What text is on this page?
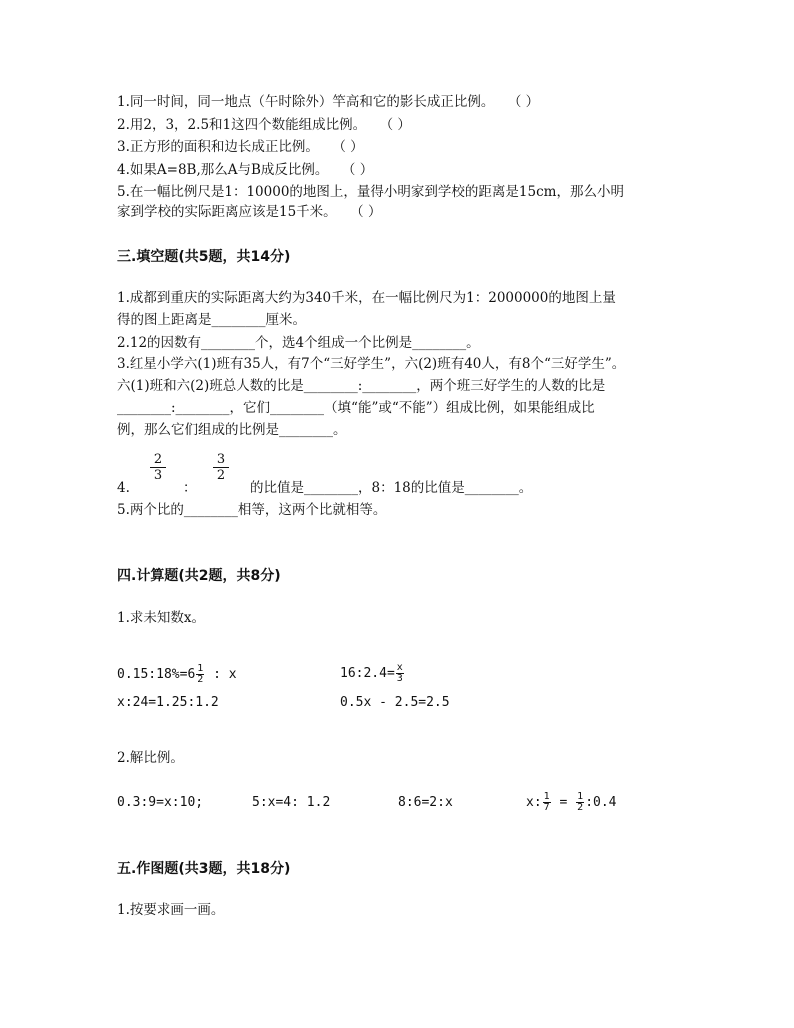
1.同一时间，同一地点（午时除外）竿高和它的影长成正比例。　　（ ）
2.用2，3，2.5和1这四个数能组成比例。　　（ ）
3.正方形的面积和边长成正比例。　　（ ）
4.如果A=8B,那么A与B成反比例。　　（ ）
5.在一幅比例尺是1：10000的地图上，量得小明家到学校的距离是15cm，那么小明
家到学校的实际距离应该是15千米。　　（ ）
三.填空题(共5题，共14分)
1.成都到重庆的实际距离大约为340千米，在一幅比例尺为1：2000000的地图上量
得的图上距离是________厘米。
2.12的因数有________个，选4个组成一个比例是________。
3.红星小学六(1)班有35人，有7个“三好学生”，六(2)班有40人，有8个“三好学生”。
六(1)班和六(2)班总人数的比是________:________，两个班三好学生的人数的比是
________:________，它们________（填“能”或“不能”）组成比例，如果能组成比
例，那么它们组成的比例是________。
$\frac{2}{3}$	$\frac{3}{2}$
4.	：	的比值是________，8：18的比值是________。
5.两个比的________相等，这两个比就相等。
四.计算题(共2题，共8分)
1.求未知数x。
0.15:18%=6 $\frac{1}{2}$ : x	16:2.4= $\frac{x}{3}$
x:24=1.25:1.2	0.5x - 2.5=2.5
2.解比例。
0.3:9=x:10;	5:x=4: 1.2	8:6=2:x	x: $\frac{1}{7} = \frac{1}{2}$ :0.4
五.作图题(共3题，共18分)
1.按要求画一画。
